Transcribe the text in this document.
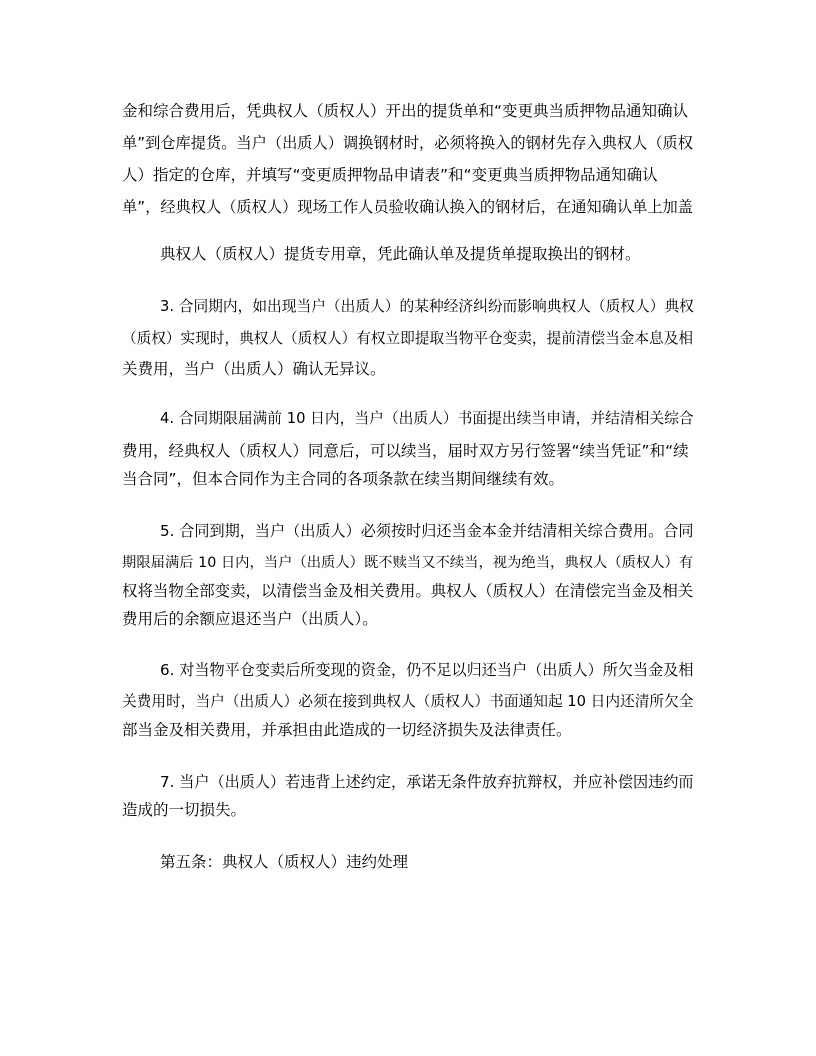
金和综合费用后，凭典权人（质权人）开出的提货单和“变更典当质押物品通知确认

单”到仓库提货。当户（出质人）调换钢材时，必须将换入的钢材先存入典权人（质权

人）指定的仓库，并填写“变更质押物品申请表”和“变更典当质押物品通知确认

单”，经典权人（质权人）现场工作人员验收确认换入的钢材后，在通知确认单上加盖

典权人（质权人）提货专用章，凭此确认单及提货单提取换出的钢材。

3. 合同期内，如出现当户（出质人）的某种经济纠纷而影响典权人（质权人）典权

（质权）实现时，典权人（质权人）有权立即提取当物平仓变卖，提前清偿当金本息及相

关费用，当户（出质人）确认无异议。

4. 合同期限届满前 10 日内，当户（出质人）书面提出续当申请，并结清相关综合

费用，经典权人（质权人）同意后，可以续当，届时双方另行签署“续当凭证”和“续

当合同”，但本合同作为主合同的各项条款在续当期间继续有效。

5. 合同到期，当户（出质人）必须按时归还当金本金并结清相关综合费用。合同

期限届满后 10 日内，当户（出质人）既不赎当又不续当，视为绝当，典权人（质权人）有

权将当物全部变卖，以清偿当金及相关费用。典权人（质权人）在清偿完当金及相关

费用后的余额应退还当户（出质人）。

6. 对当物平仓变卖后所变现的资金，仍不足以归还当户（出质人）所欠当金及相

关费用时，当户（出质人）必须在接到典权人（质权人）书面通知起 10 日内还清所欠全

部当金及相关费用，并承担由此造成的一切经济损失及法律责任。

7. 当户（出质人）若违背上述约定，承诺无条件放弃抗辩权，并应补偿因违约而

造成的一切损失。

第五条：典权人（质权人）违约处理
